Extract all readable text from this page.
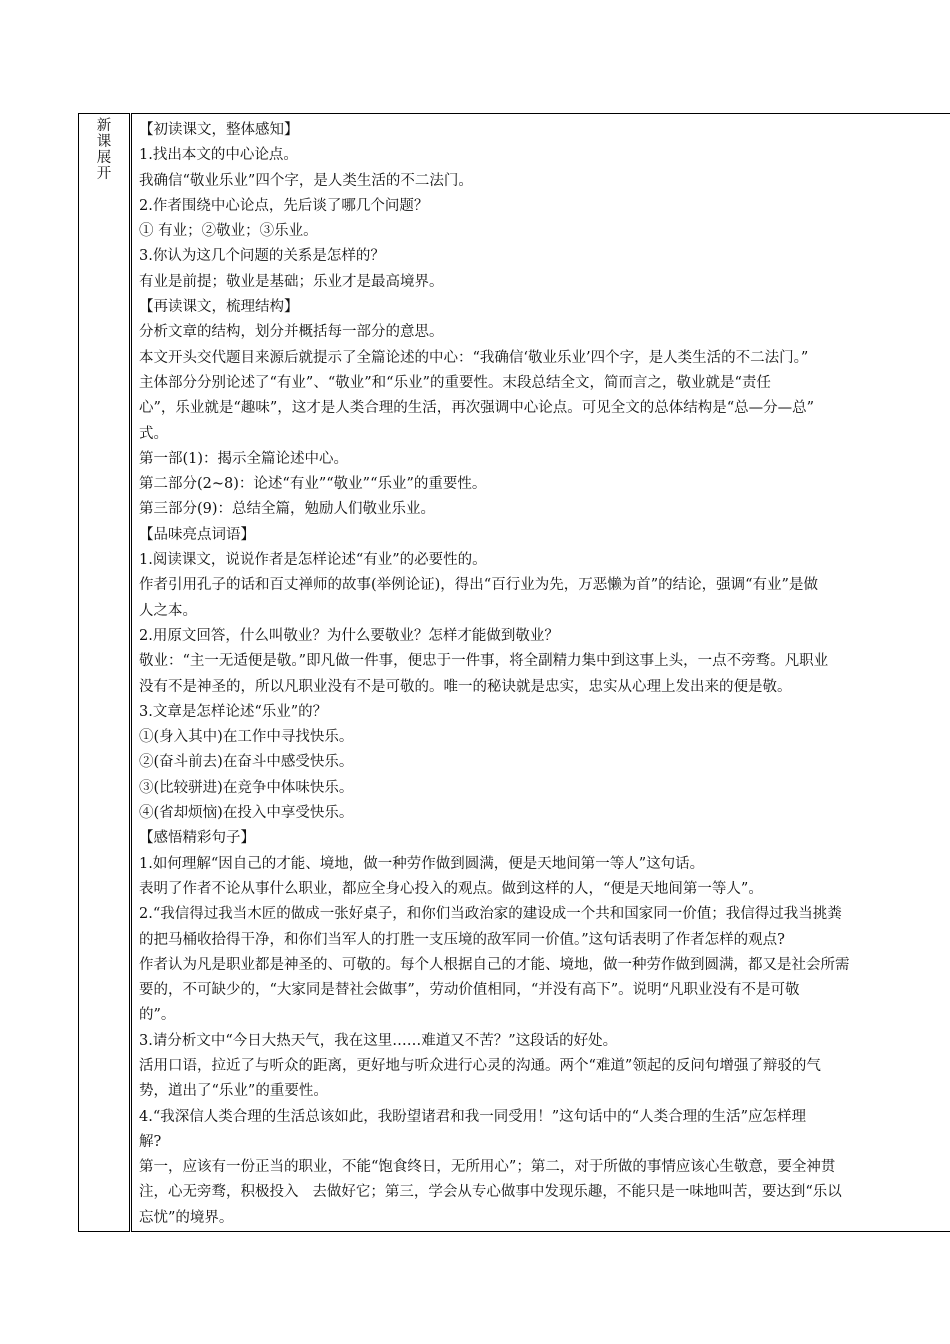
新课展开

【初读课文，整体感知】

1.找出本文的中心论点。

我确信“敬业乐业”四个字，是人类生活的不二法门。

2.作者围绕中心论点，先后谈了哪几个问题？

① 有业；②敬业；③乐业。

3.你认为这几个问题的关系是怎样的？

有业是前提；敬业是基础；乐业才是最高境界。

【再读课文，梳理结构】

分析文章的结构，划分并概括每一部分的意思。

本文开头交代题目来源后就提示了全篇论述的中心：“我确信‘敬业乐业’四个字，是人类生活的不二法门。”

主体部分分别论述了“有业”、“敬业”和“乐业”的重要性。末段总结全文，简而言之，敬业就是“责任

心”，乐业就是“趣味”，这才是人类合理的生活，再次强调中心论点。可见全文的总体结构是“总—分—总”

式。

第一部(1)：揭示全篇论述中心。

第二部分(2~8)：论述“有业”“敬业”“乐业”的重要性。

第三部分(9)：总结全篇，勉励人们敬业乐业。

【品味亮点词语】

1.阅读课文，说说作者是怎样论述“有业”的必要性的。

作者引用孔子的话和百丈禅师的故事(举例论证)，得出“百行业为先，万恶懒为首”的结论，强调“有业”是做

人之本。

2.用原文回答，什么叫敬业？为什么要敬业？怎样才能做到敬业？

敬业：“主一无适便是敬。”即凡做一件事，便忠于一件事，将全副精力集中到这事上头，一点不旁骛。凡职业

没有不是神圣的，所以凡职业没有不是可敬的。唯一的秘诀就是忠实，忠实从心理上发出来的便是敬。

3.文章是怎样论述“乐业”的？

①(身入其中)在工作中寻找快乐。

②(奋斗前去)在奋斗中感受快乐。

③(比较骈进)在竞争中体味快乐。

④(省却烦恼)在投入中享受快乐。

【感悟精彩句子】

1.如何理解“因自己的才能、境地，做一种劳作做到圆满，便是天地间第一等人”这句话。

表明了作者不论从事什么职业，都应全身心投入的观点。做到这样的人，“便是天地间第一等人”。

2.“我信得过我当木匠的做成一张好桌子，和你们当政治家的建设成一个共和国家同一价值；我信得过我当挑粪

的把马桶收拾得干净，和你们当军人的打胜一支压境的敌军同一价值。”这句话表明了作者怎样的观点?

作者认为凡是职业都是神圣的、可敬的。每个人根据自己的才能、境地，做一种劳作做到圆满，都又是社会所需

要的，不可缺少的，“大家同是替社会做事”，劳动价值相同，“并没有高下”。说明“凡职业没有不是可敬

的”。

3.请分析文中“今日大热天气，我在这里……难道又不苦？”这段话的好处。

活用口语，拉近了与听众的距离，更好地与听众进行心灵的沟通。两个“难道”领起的反问句增强了辩驳的气

势，道出了“乐业”的重要性。

4.“我深信人类合理的生活总该如此，我盼望诸君和我一同受用！”这句话中的“人类合理的生活”应怎样理

解?

第一，应该有一份正当的职业，不能“饱食终日，无所用心”；第二，对于所做的事情应该心生敬意，要全神贯

注，心无旁骛，积极投入   去做好它；第三，学会从专心做事中发现乐趣，不能只是一味地叫苦，要达到“乐以

忘忧”的境界。
